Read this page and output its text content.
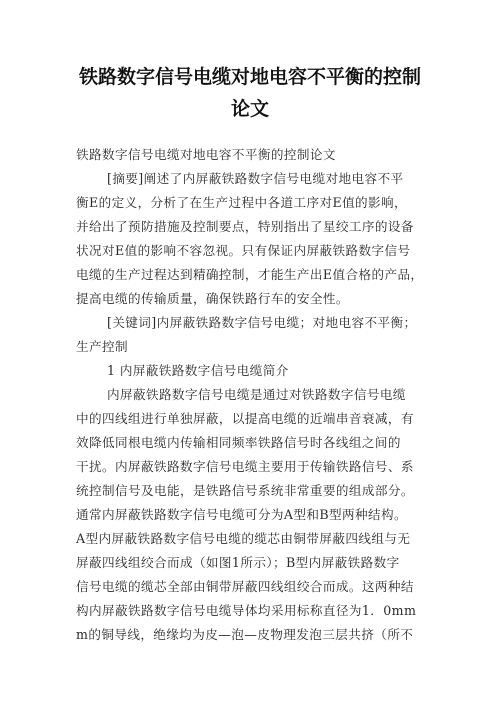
铁路数字信号电缆对地电容不平衡的控制
论文
铁路数字信号电缆对地电容不平衡的控制论文
[摘要]阐述了内屏蔽铁路数字信号电缆对地电容不平
衡E的定义，分析了在生产过程中各道工序对E值的影响，
并给出了预防措施及控制要点，特别指出了星绞工序的设备
状况对E值的影响不容忽视。只有保证内屏蔽铁路数字信号
电缆的生产过程达到精确控制，才能生产出E值合格的产品，
提高电缆的传输质量，确保铁路行车的安全性。
[关键词]内屏蔽铁路数字信号电缆；对地电容不平衡；
生产控制
1 内屏蔽铁路数字信号电缆简介
内屏蔽铁路数字信号电缆是通过对铁路数字信号电缆
中的四线组进行单独屏蔽，以提高电缆的近端串音衰减，有
效降低同根电缆内传输相同频率铁路信号时各线组之间的
干扰。内屏蔽铁路数字信号电缆主要用于传输铁路信号、系
统控制信号及电能，是铁路信号系统非常重要的组成部分。
通常内屏蔽铁路数字信号电缆可分为A型和B型两种结构。
A型内屏蔽铁路数字信号电缆的缆芯由铜带屏蔽四线组与无
屏蔽四线组绞合而成（如图1所示）；B型内屏蔽铁路数字
信号电缆的缆芯全部由铜带屏蔽四线组绞合而成。这两种结
构内屏蔽铁路数字信号电缆导体均采用标称直径为1．0mm
m的铜导线，绝缘均为皮—泡—皮物理发泡三层共挤（所不
